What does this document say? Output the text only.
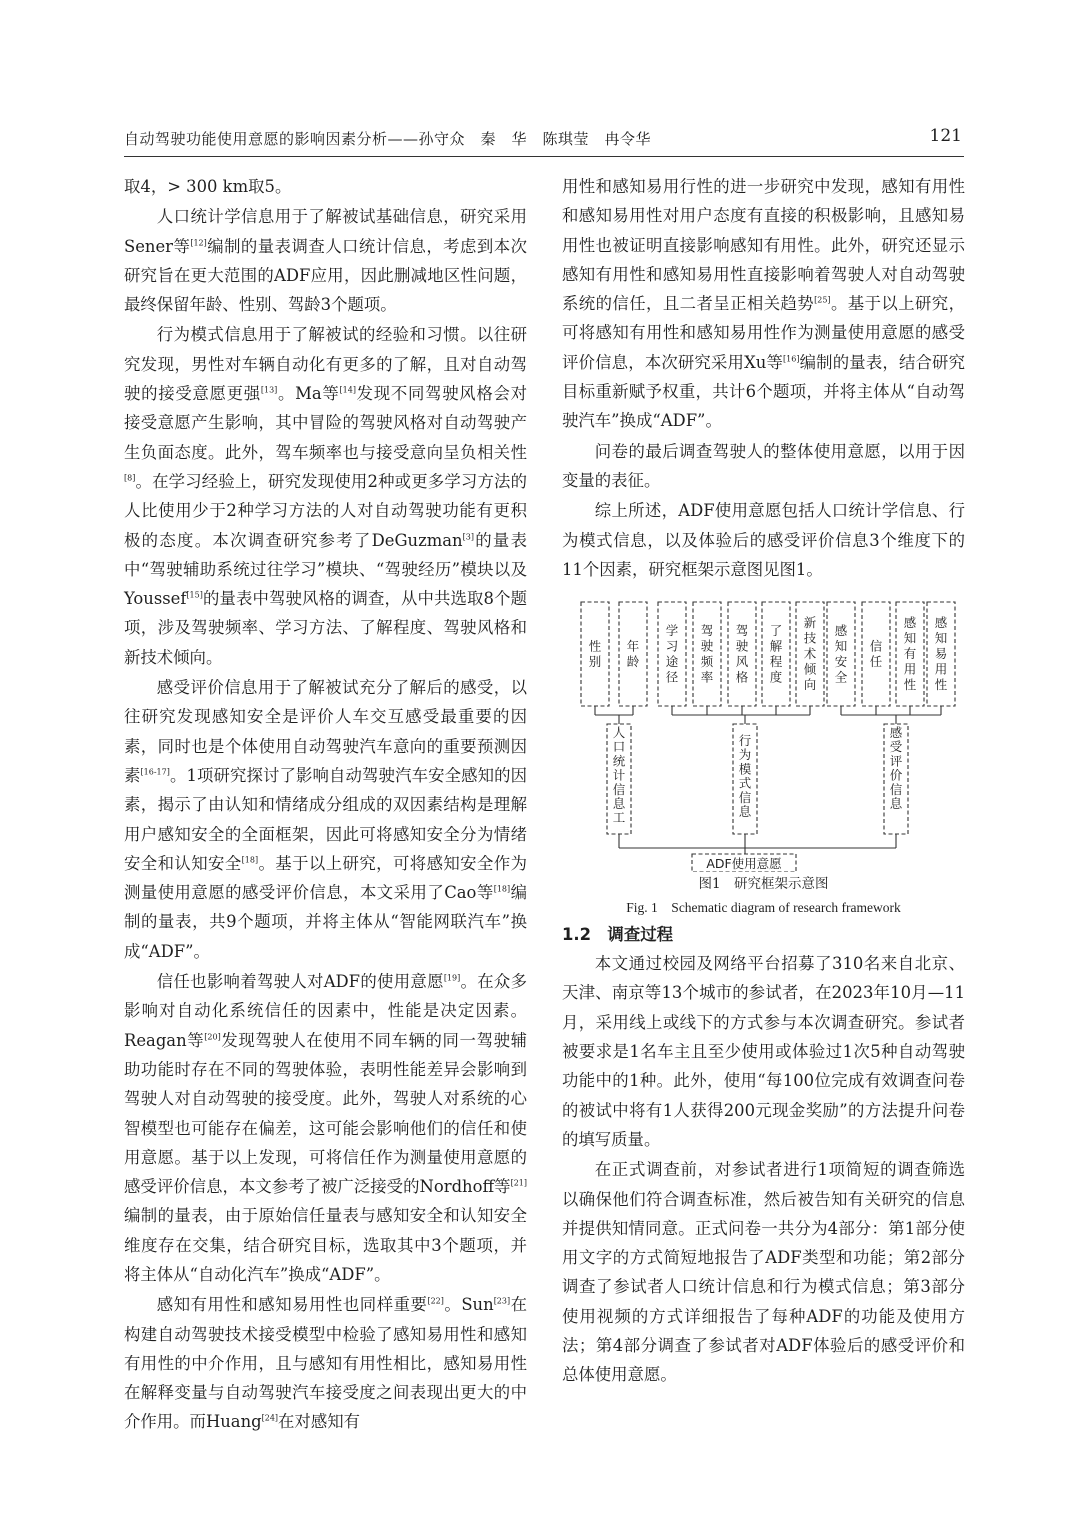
自动驾驶功能使用意愿的影响因素分析——孙守众　秦　华　陈琪莹　冉令华	121

取4，> 300 km取5。

人口统计学信息用于了解被试基础信息，研究采用Sener等[12]编制的量表调查人口统计信息，考虑到本次研究旨在更大范围的ADF应用，因此删减地区性问题，最终保留年龄、性别、驾龄3个题项。

行为模式信息用于了解被试的经验和习惯。以往研究发现，男性对车辆自动化有更多的了解，且对自动驾驶的接受意愿更强[13]。Ma等[14]发现不同驾驶风格会对接受意愿产生影响，其中冒险的驾驶风格对自动驾驶产生负面态度。此外，驾车频率也与接受意向呈负相关性[8]。在学习经验上，研究发现使用2种或更多学习方法的人比使用少于2种学习方法的人对自动驾驶功能有更积极的态度。本次调查研究参考了DeGuzman[3]的量表中“驾驶辅助系统过往学习”模块、“驾驶经历”模块以及Youssef[15]的量表中驾驶风格的调查，从中共选取8个题项，涉及驾驶频率、学习方法、了解程度、驾驶风格和新技术倾向。

感受评价信息用于了解被试充分了解后的感受，以往研究发现感知安全是评价人车交互感受最重要的因素，同时也是个体使用自动驾驶汽车意向的重要预测因素[16-17]。1项研究探讨了影响自动驾驶汽车安全感知的因素，揭示了由认知和情绪成分组成的双因素结构是理解用户感知安全的全面框架，因此可将感知安全分为情绪安全和认知安全[18]。基于以上研究，可将感知安全作为测量使用意愿的感受评价信息，本文采用了Cao等[18]编制的量表，共9个题项，并将主体从“智能网联汽车”换成“ADF”。

信任也影响着驾驶人对ADF的使用意愿[19]。在众多影响对自动化系统信任的因素中，性能是决定因素。Reagan等[20]发现驾驶人在使用不同车辆的同一驾驶辅助功能时存在不同的驾驶体验，表明性能差异会影响到驾驶人对自动驾驶的接受度。此外，驾驶人对系统的心智模型也可能存在偏差，这可能会影响他们的信任和使用意愿。基于以上发现，可将信任作为测量使用意愿的感受评价信息，本文参考了被广泛接受的Nordhoff等[21]编制的量表，由于原始信任量表与感知安全和认知安全维度存在交集，结合研究目标，选取其中3个题项，并将主体从“自动化汽车”换成“ADF”。

感知有用性和感知易用性也同样重要[22]。Sun[23]在构建自动驾驶技术接受模型中检验了感知易用性和感知有用性的中介作用，且与感知有用性相比，感知易用性在解释变量与自动驾驶汽车接受度之间表现出更大的中介作用。而Huang[24]在对感知有

用性和感知易用行性的进一步研究中发现，感知有用性和感知易用性对用户态度有直接的积极影响，且感知易用性也被证明直接影响感知有用性。此外，研究还显示感知有用性和感知易用性直接影响着驾驶人对自动驾驶系统的信任，且二者呈正相关趋势[25]。基于以上研究，可将感知有用性和感知易用性作为测量使用意愿的感受评价信息，本次研究采用Xu等[16]编制的量表，结合研究目标重新赋予权重，共计6个题项，并将主体从“自动驾驶汽车”换成“ADF”。

问卷的最后调查驾驶人的整体使用意愿，以用于因变量的表征。

综上所述，ADF使用意愿包括人口统计学信息、行为模式信息，以及体验后的感受评价信息3个维度下的11个因素，研究框架示意图见图1。

性别
年龄
学习途径
驾驶频率
驾驶风格
了解程度
新技术倾向
感知安全
信任
感知有用性
感知易用性
人口统计信息工
行为模式信息
感受评价信息
ADF使用意愿
图1　研究框架示意图
Fig. 1　Schematic diagram of research framework
1.2　调查过程

本文通过校园及网络平台招募了310名来自北京、天津、南京等13个城市的参试者，在2023年10月—11月，采用线上或线下的方式参与本次调查研究。参试者被要求是1名车主且至少使用或体验过1次5种自动驾驶功能中的1种。此外，使用“每100位完成有效调查问卷的被试中将有1人获得200元现金奖励”的方法提升问卷的填写质量。

在正式调查前，对参试者进行1项简短的调查筛选以确保他们符合调查标准，然后被告知有关研究的信息并提供知情同意。正式问卷一共分为4部分：第1部分使用文字的方式简短地报告了ADF类型和功能；第2部分调查了参试者人口统计信息和行为模式信息；第3部分使用视频的方式详细报告了每种ADF的功能及使用方法；第4部分调查了参试者对ADF体验后的感受评价和总体使用意愿。
